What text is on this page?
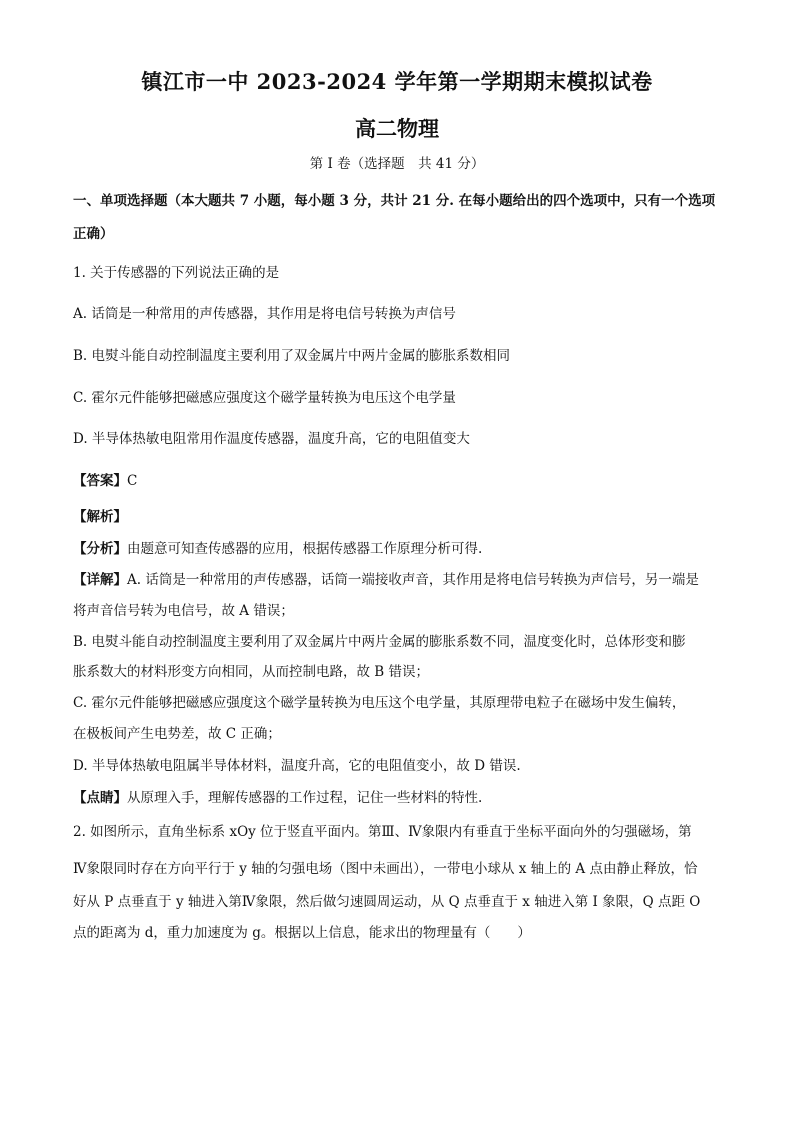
镇江市一中 2023-2024 学年第一学期期末模拟试卷
高二物理
第 I 卷（选择题　共 41 分）
一、单项选择题（本大题共 7 小题，每小题 3 分，共计 21 分. 在每小题给出的四个选项中，只有一个选项
正确）
1. 关于传感器的下列说法正确的是
A. 话筒是一种常用的声传感器，其作用是将电信号转换为声信号
B. 电熨斗能自动控制温度主要利用了双金属片中两片金属的膨胀系数相同
C. 霍尔元件能够把磁感应强度这个磁学量转换为电压这个电学量
D. 半导体热敏电阻常用作温度传感器，温度升高，它的电阻值变大
【答案】C
【解析】
【分析】由题意可知查传感器的应用，根据传感器工作原理分析可得.
【详解】A. 话筒是一种常用的声传感器，话筒一端接收声音，其作用是将电信号转换为声信号，另一端是
将声音信号转为电信号，故 A 错误；
B. 电熨斗能自动控制温度主要利用了双金属片中两片金属的膨胀系数不同，温度变化时，总体形变和膨
胀系数大的材料形变方向相同，从而控制电路，故 B 错误；
C. 霍尔元件能够把磁感应强度这个磁学量转换为电压这个电学量，其原理带电粒子在磁场中发生偏转，
在极板间产生电势差，故 C 正确；
D. 半导体热敏电阻属半导体材料，温度升高，它的电阻值变小，故 D 错误.
【点睛】从原理入手，理解传感器的工作过程，记住一些材料的特性.
2. 如图所示，直角坐标系 xOy 位于竖直平面内。第Ⅲ、Ⅳ象限内有垂直于坐标平面向外的匀强磁场，第
Ⅳ象限同时存在方向平行于 y 轴的匀强电场（图中未画出），一带电小球从 x 轴上的 A 点由静止释放，恰
好从 P 点垂直于 y 轴进入第Ⅳ象限，然后做匀速圆周运动，从 Q 点垂直于 x 轴进入第 I 象限，Q 点距 O
点的距离为 d，重力加速度为 g。根据以上信息，能求出的物理量有（　　）
